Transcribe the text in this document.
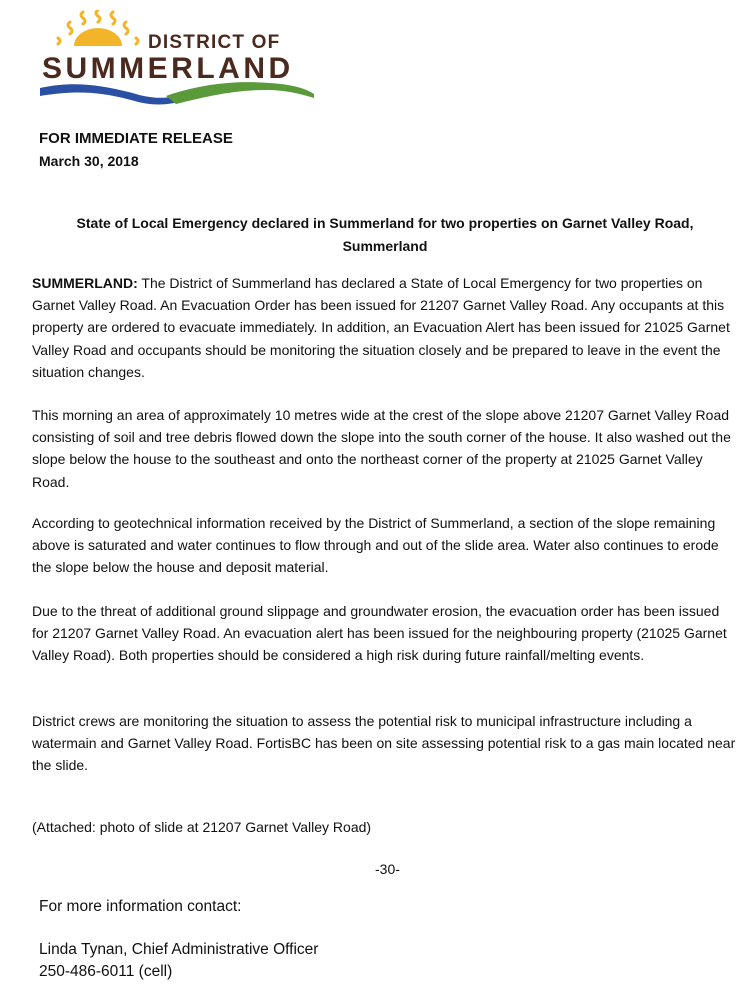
DISTRICT OF
SUMMERLAND
FOR IMMEDIATE RELEASE
March 30, 2018
State of Local Emergency declared in Summerland for two properties on Garnet Valley Road, Summerland
SUMMERLAND: The District of Summerland has declared a State of Local Emergency for two properties on Garnet Valley Road. An Evacuation Order has been issued for 21207 Garnet Valley Road. Any occupants at this property are ordered to evacuate immediately. In addition, an Evacuation Alert has been issued for 21025 Garnet Valley Road and occupants should be monitoring the situation closely and be prepared to leave in the event the situation changes.
This morning an area of approximately 10 metres wide at the crest of the slope above 21207 Garnet Valley Road consisting of soil and tree debris flowed down the slope into the south corner of the house. It also washed out the slope below the house to the southeast and onto the northeast corner of the property at 21025 Garnet Valley Road.
According to geotechnical information received by the District of Summerland, a section of the slope remaining above is saturated and water continues to flow through and out of the slide area. Water also continues to erode the slope below the house and deposit material.
Due to the threat of additional ground slippage and groundwater erosion, the evacuation order has been issued for 21207 Garnet Valley Road. An evacuation alert has been issued for the neighbouring property (21025 Garnet Valley Road). Both properties should be considered a high risk during future rainfall/melting events.
District crews are monitoring the situation to assess the potential risk to municipal infrastructure including a watermain and Garnet Valley Road. FortisBC has been on site assessing potential risk to a gas main located near the slide.
(Attached: photo of slide at 21207 Garnet Valley Road)
-30-
For more information contact:
Linda Tynan, Chief Administrative Officer
250-486-6011 (cell)
